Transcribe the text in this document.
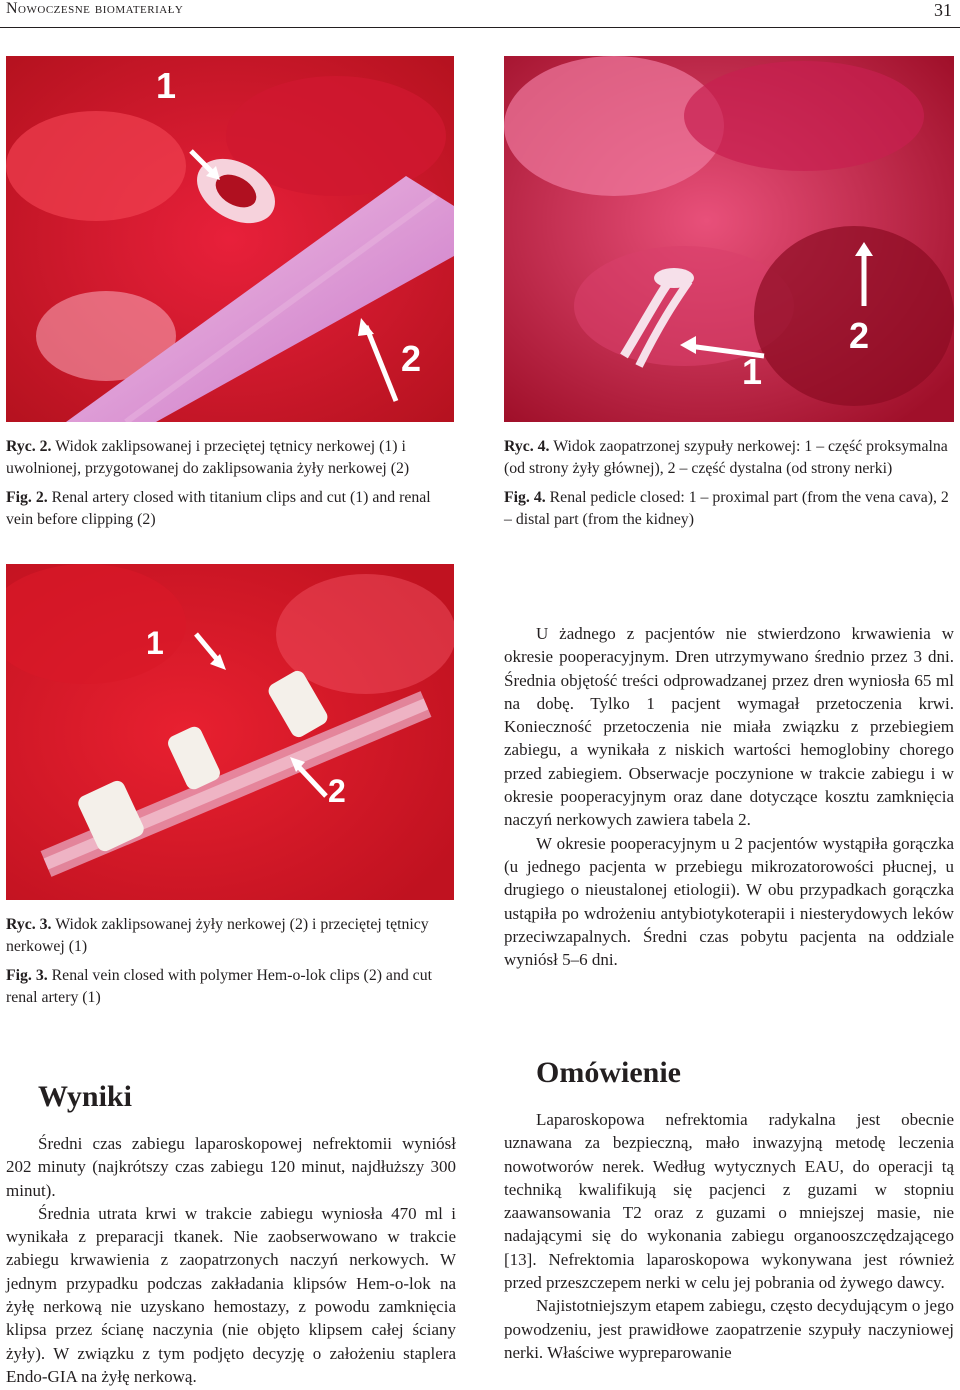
Nowoczesne biomateriały	31
1
2

Ryc. 2. Widok zaklipsowanej i przeciętej tętnicy nerkowej (1) i uwolnionej, przygotowanej do zaklipsowania żyły nerkowej (2)

Fig. 2. Renal artery closed with titanium clips and cut (1) and renal vein before clipping (2)

1
2

Ryc. 4. Widok zaopatrzonej szypuły nerkowej: 1 – część proksymalna (od strony żyły głównej), 2 – część dystalna (od strony nerki)

Fig. 4. Renal pedicle closed: 1 – proximal part (from the vena cava), 2 – distal part (from the kidney)

1
2

Ryc. 3. Widok zaklipsowanej żyły nerkowej (2) i przeciętej tętnicy nerkowej (1)

Fig. 3. Renal vein closed with polymer Hem-o-lok clips (2) and cut renal artery (1)

U żadnego z pacjentów nie stwierdzono krwawienia w okresie pooperacyjnym. Dren utrzymywano średnio przez 3 dni. Średnia objętość treści odprowadzanej przez dren wyniosła 65 ml na dobę. Tylko 1 pacjent wymagał przetoczenia krwi. Konieczność przetoczenia nie miała związku z przebiegiem zabiegu, a wynikała z niskich wartości hemoglobiny chorego przed zabiegiem. Obserwacje poczynione w trakcie zabiegu i w okresie pooperacyjnym oraz dane dotyczące kosztu zamknięcia naczyń nerkowych zawiera tabela 2.

W okresie pooperacyjnym u 2 pacjentów wystąpiła gorączka (u jednego pacjenta w przebiegu mikrozatorowości płucnej, u drugiego o nieustalonej etiologii). W obu przypadkach gorączka ustąpiła po wdrożeniu antybiotykoterapii i niesterydowych leków przeciwzapalnych. Średni czas pobytu pacjenta na oddziale wyniósł 5–6 dni.

Wyniki

Średni czas zabiegu laparoskopowej nefrektomii wyniósł 202 minuty (najkrótszy czas zabiegu 120 minut, najdłuższy 300 minut).

Średnia utrata krwi w trakcie zabiegu wyniosła 470 ml i wynikała z preparacji tkanek. Nie zaobserwowano w trakcie zabiegu krwawienia z zaopatrzonych naczyń nerkowych. W jednym przypadku podczas zakładania klipsów Hem-o-lok na żyłę nerkową nie uzyskano hemostazy, z powodu zamknięcia klipsa przez ścianę naczynia (nie objęto klipsem całej ściany żyły). W związku z tym podjęto decyzję o założeniu staplera Endo-GIA na żyłę nerkową.

Omówienie

Laparoskopowa nefrektomia radykalna jest obecnie uznawana za bezpieczną, mało inwazyjną metodę leczenia nowotworów nerek. Według wytycznych EAU, do operacji tą techniką kwalifikują się pacjenci z guzami w stopniu zaawansowania T2 oraz z guzami o mniejszej masie, nie nadającymi się do wykonania zabiegu organooszczędzającego [13]. Nefrektomia laparoskopowa wykonywana jest również przed przeszczepem nerki w celu jej pobrania od żywego dawcy.

Najistotniejszym etapem zabiegu, często decydującym o jego powodzeniu, jest prawidłowe zaopatrzenie szypuły naczyniowej nerki. Właściwe wypreparowanie
